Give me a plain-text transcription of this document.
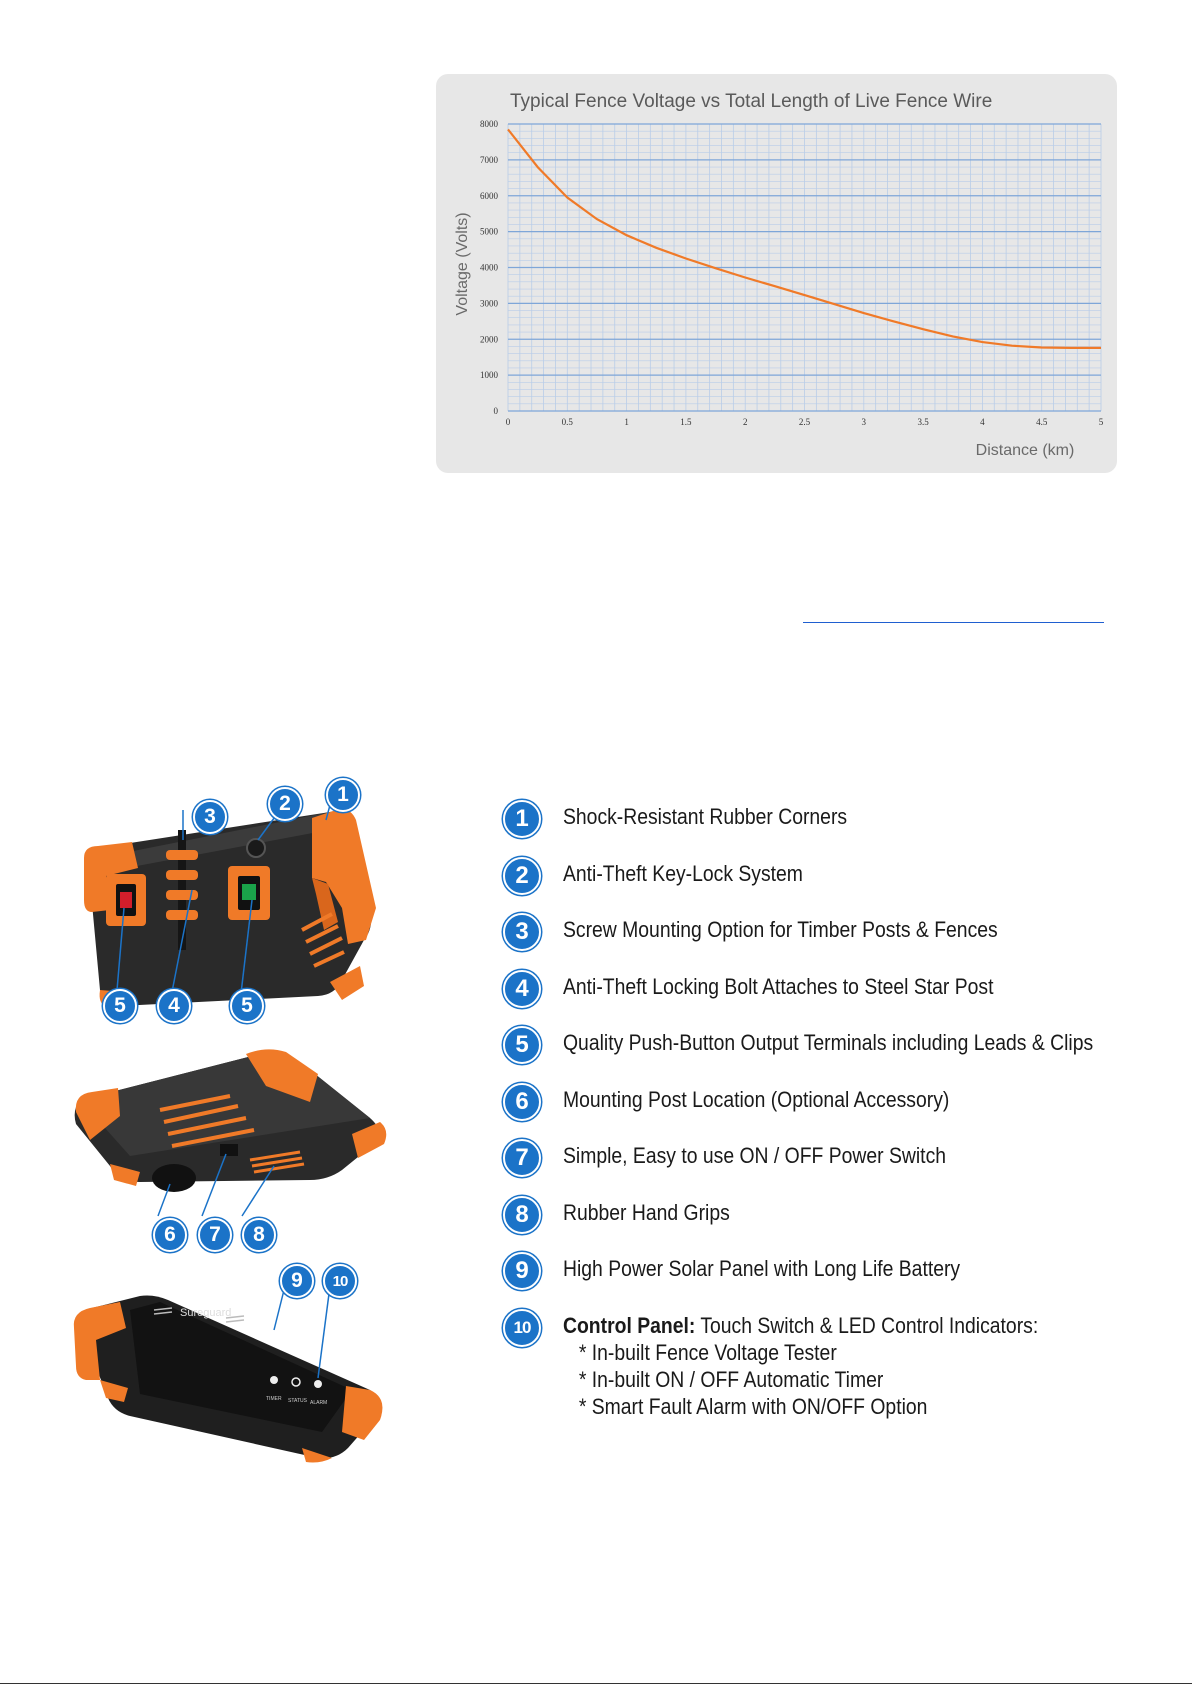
Typical Fence Voltage vs Total Length of Live Fence Wire
0
1000
2000
3000
4000
5000
6000
7000
8000
0	0.5	1	1.5	2	2.5	3	3.5	4	4.5	5
Voltage (Volts)
Distance (km)
3
2	1
5	4	5
6	7	8
Sureguard
TIMER STATUS ALARM
9	10
1	Shock-Resistant Rubber Corners
2	Anti-Theft Key-Lock System
3	Screw Mounting Option for Timber Posts & Fences
4	Anti-Theft Locking Bolt Attaches to Steel Star Post
5	Quality Push-Button Output Terminals including Leads & Clips
6	Mounting Post Location (Optional Accessory)
7	Simple, Easy to use ON / OFF Power Switch
8	Rubber Hand Grips
9	High Power Solar Panel with Long Life Battery
10	Control Panel: Touch Switch & LED Control Indicators:
* In-built Fence Voltage Tester
* In-built ON / OFF Automatic Timer
* Smart Fault Alarm with ON/OFF Option
